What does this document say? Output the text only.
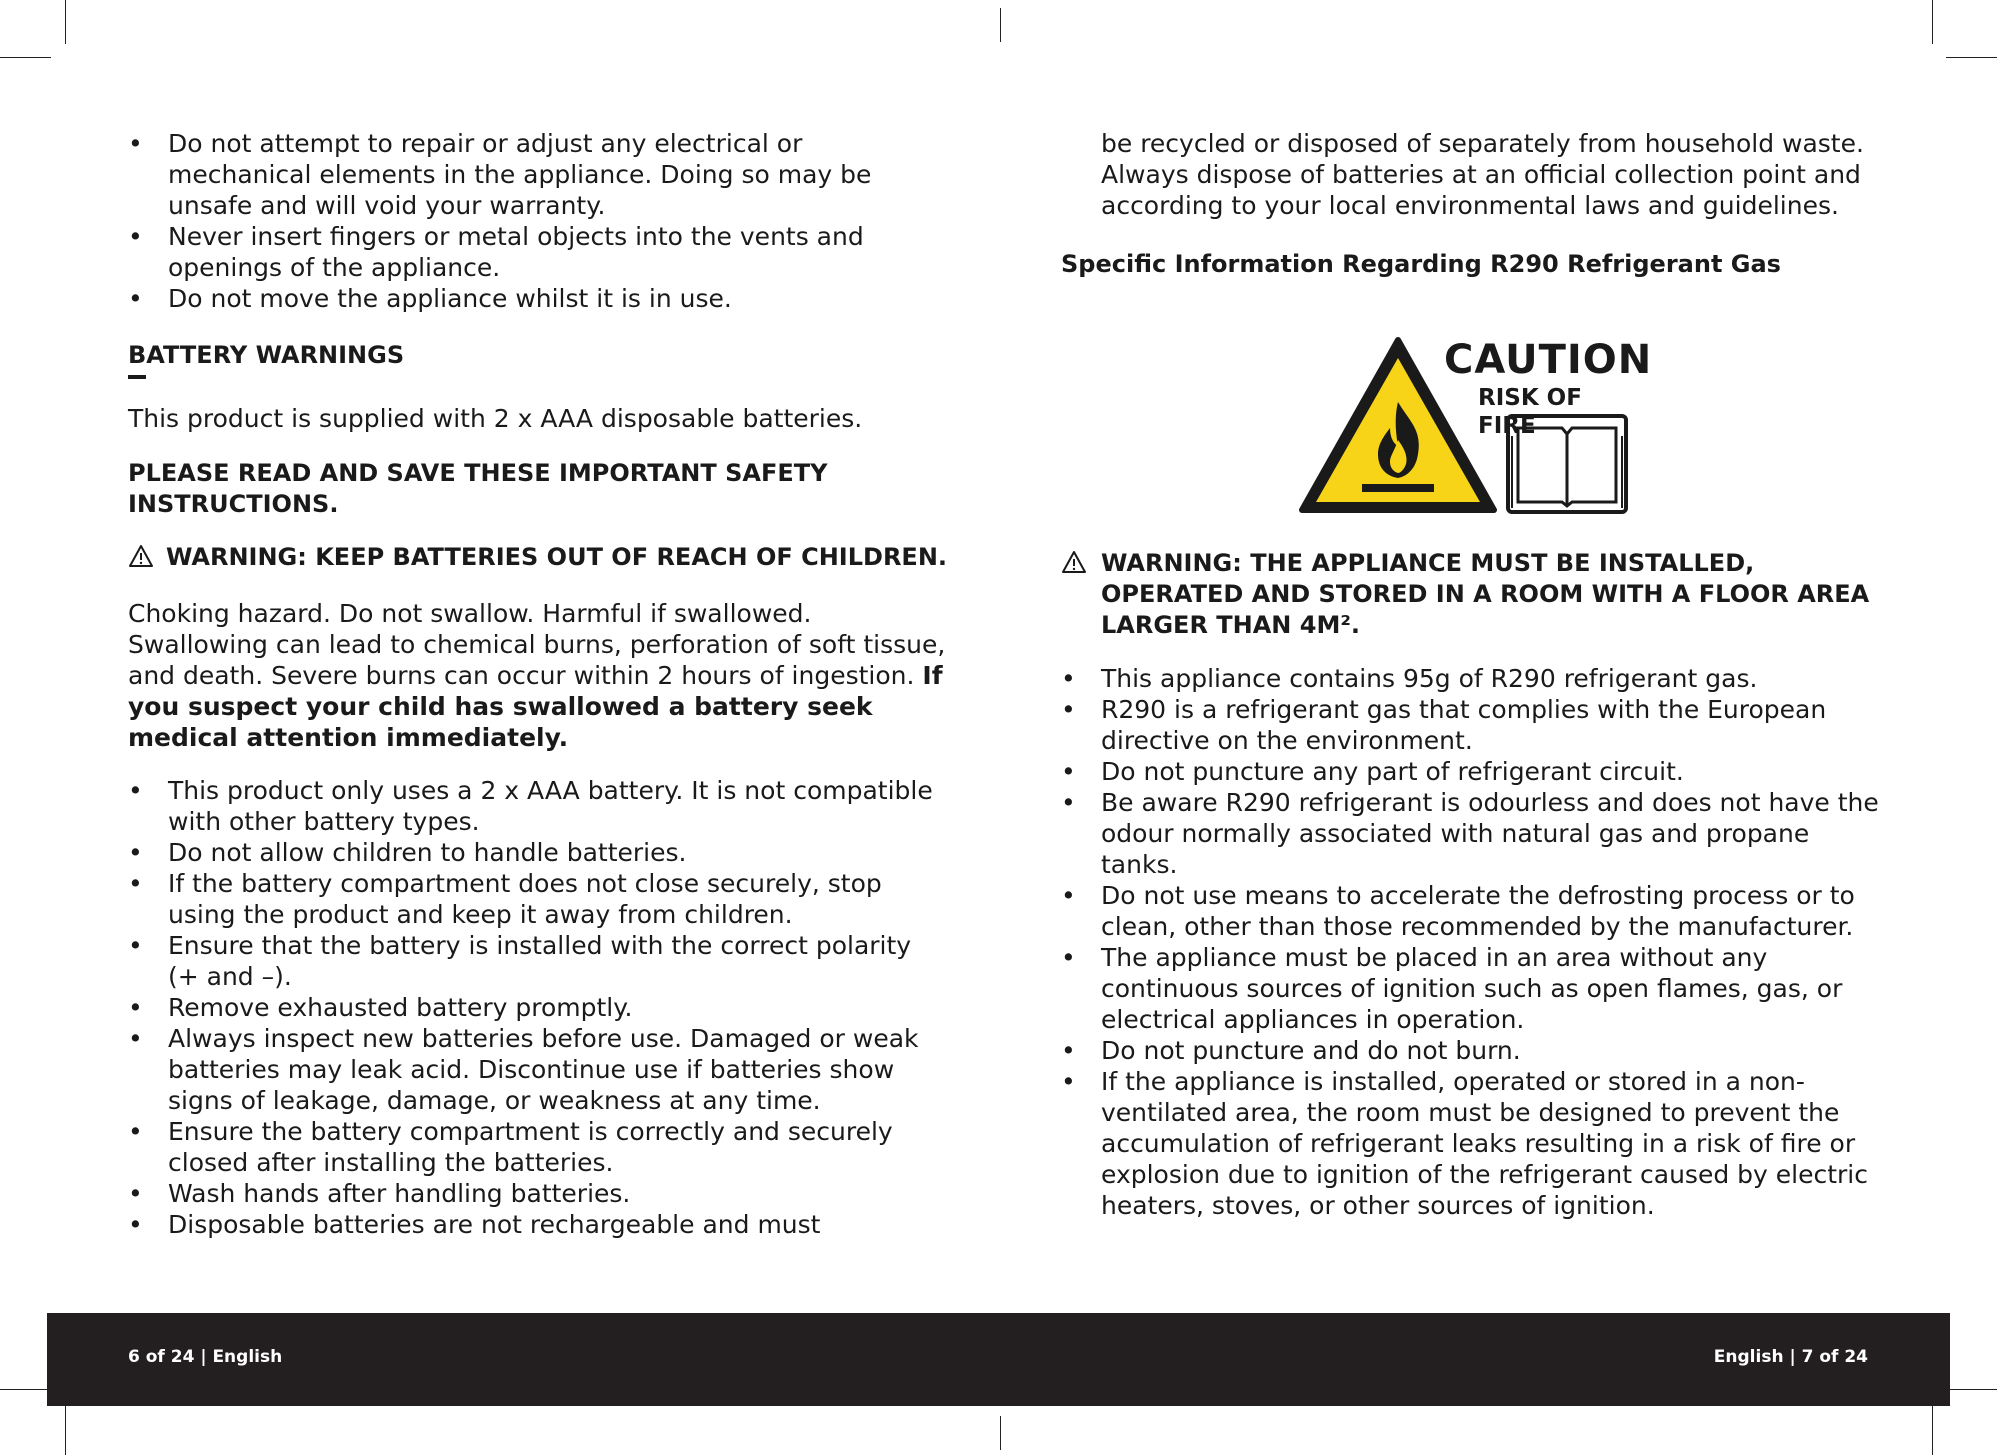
• Do not attempt to repair or adjust any electrical or mechanical elements in the appliance. Doing so may be unsafe and will void your warranty.
• Never insert fingers or metal objects into the vents and openings of the appliance.
• Do not move the appliance whilst it is in use.

BATTERY WARNINGS

This product is supplied with 2 x AAA disposable batteries.

PLEASE READ AND SAVE THESE IMPORTANT SAFETY INSTRUCTIONS.

WARNING: KEEP BATTERIES OUT OF REACH OF CHILDREN.

Choking hazard. Do not swallow. Harmful if swallowed. Swallowing can lead to chemical burns, perforation of soft tissue, and death. Severe burns can occur within 2 hours of ingestion. If you suspect your child has swallowed a battery seek medical attention immediately.

• This product only uses a 2 x AAA battery. It is not compatible with other battery types.
• Do not allow children to handle batteries.
• If the battery compartment does not close securely, stop using the product and keep it away from children.
• Ensure that the battery is installed with the correct polarity (+ and –).
• Remove exhausted battery promptly.
• Always inspect new batteries before use. Damaged or weak batteries may leak acid. Discontinue use if batteries show signs of leakage, damage, or weakness at any time.
• Ensure the battery compartment is correctly and securely closed after installing the batteries.
• Wash hands after handling batteries.
• Disposable batteries are not rechargeable and must

be recycled or disposed of separately from household waste. Always dispose of batteries at an official collection point and according to your local environmental laws and guidelines.

Specific Information Regarding R290 Refrigerant Gas

CAUTION
RISK OF FIRE
WARNING: THE APPLIANCE MUST BE INSTALLED, OPERATED AND STORED IN A ROOM WITH A FLOOR AREA LARGER THAN 4M².
• This appliance contains 95g of R290 refrigerant gas.
• R290 is a refrigerant gas that complies with the European directive on the environment.
• Do not puncture any part of refrigerant circuit.
• Be aware R290 refrigerant is odourless and does not have the odour normally associated with natural gas and propane tanks.
• Do not use means to accelerate the defrosting process or to clean, other than those recommended by the manufacturer.
• The appliance must be placed in an area without any continuous sources of ignition such as open flames, gas, or electrical appliances in operation.
• Do not puncture and do not burn.
• If the appliance is installed, operated or stored in a non-ventilated area, the room must be designed to prevent the accumulation of refrigerant leaks resulting in a risk of fire or explosion due to ignition of the refrigerant caused by electric heaters, stoves, or other sources of ignition.
6 of 24 | English	English | 7 of 24
